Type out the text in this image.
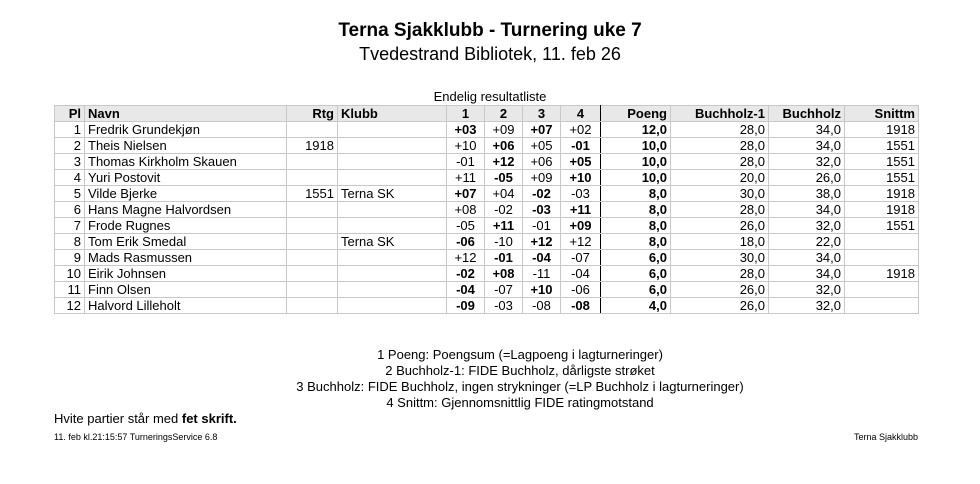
Terna Sjakklubb - Turnering uke 7
Tvedestrand Bibliotek, 11. feb 26
Endelig resultatliste
Pl	Navn	Rtg	Klubb	1	2	3	4	Poeng	Buchholz-1	Buchholz	Snittm
1	Fredrik Grundekjøn			+03	+09	+07	+02	12,0	28,0	34,0	1918
2	Theis Nielsen	1918		+10	+06	+05	-01	10,0	28,0	34,0	1551
3	Thomas Kirkholm Skauen			-01	+12	+06	+05	10,0	28,0	32,0	1551
4	Yuri Postovit			+11	-05	+09	+10	10,0	20,0	26,0	1551
5	Vilde Bjerke	1551	Terna SK	+07	+04	-02	-03	8,0	30,0	38,0	1918
6	Hans Magne Halvordsen			+08	-02	-03	+11	8,0	28,0	34,0	1918
7	Frode Rugnes			-05	+11	-01	+09	8,0	26,0	32,0	1551
8	Tom Erik Smedal		Terna SK	-06	-10	+12	+12	8,0	18,0	22,0	
9	Mads Rasmussen			+12	-01	-04	-07	6,0	30,0	34,0	
10	Eirik Johnsen			-02	+08	-11	-04	6,0	28,0	34,0	1918
11	Finn Olsen			-04	-07	+10	-06	6,0	26,0	32,0	
12	Halvord Lilleholt			-09	-03	-08	-08	4,0	26,0	32,0	
1 Poeng: Poengsum (=Lagpoeng i lagturneringer)
2 Buchholz-1: FIDE Buchholz, dårligste strøket
3 Buchholz: FIDE Buchholz, ingen strykninger (=LP Buchholz i lagturneringer)
4 Snittm: Gjennomsnittlig FIDE ratingmotstand
Hvite partier står med fet skrift.
11. feb kl.21:15:57 TurneringsService 6.8	Terna Sjakklubb
